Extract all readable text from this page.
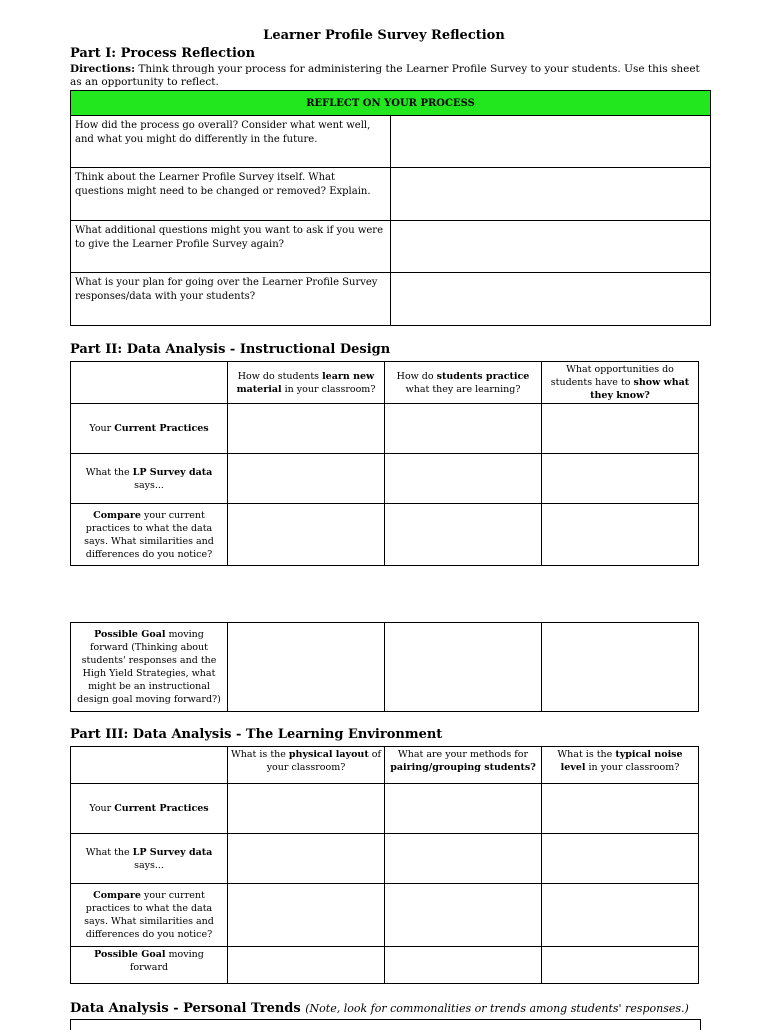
Learner Profile Survey Reflection
Part I: Process Reflection
Directions: Think through your process for administering the Learner Profile Survey to your students. Use this sheet as an opportunity to reflect.
REFLECT ON YOUR PROCESS	
How did the process go overall? Consider what went well, and what you might do differently in the future.	
Think about the Learner Profile Survey itself. What questions might need to be changed or removed? Explain.	
What additional questions might you want to ask if you were to give the Learner Profile Survey again?	
What is your plan for going over the Learner Profile Survey responses/data with your students?	
Part II: Data Analysis - Instructional Design
	How do students learn new material in your classroom?	How do students practice what they are learning?	What opportunities do students have to show what they know?
Your Current Practices			
What the LP Survey data says...			
Compare your current practices to what the data says. What similarities and differences do you notice?			
Possible Goal moving forward (Thinking about students' responses and the High Yield Strategies, what might be an instructional design goal moving forward?)			
Part III: Data Analysis - The Learning Environment
	What is the physical layout of your classroom?	What are your methods for pairing/grouping students?	What is the typical noise level in your classroom?
Your Current Practices			
What the LP Survey data says...			
Compare your current practices to what the data says. What similarities and differences do you notice?			
Possible Goal moving forward			
Data Analysis - Personal Trends (Note, look for commonalities or trends among students' responses.)
